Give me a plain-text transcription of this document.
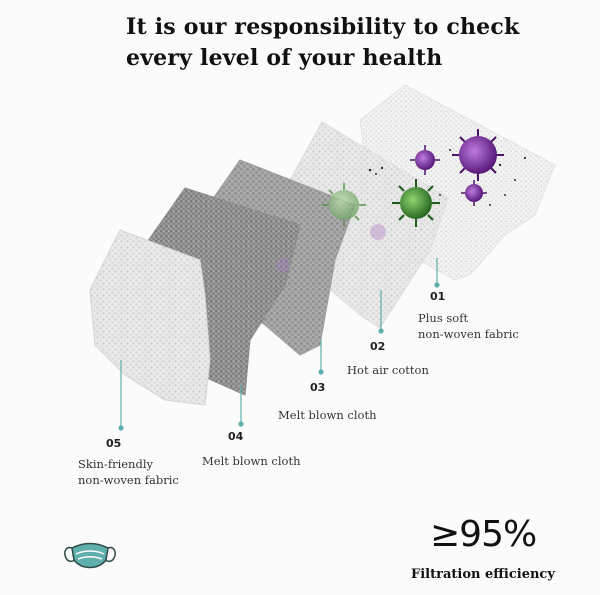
It is our responsibility to check
every level of your health
01
Plus soft
non-woven fabric
02
Hot air cotton
03
Melt blown cloth
04
Melt blown cloth
05
Skin-friendly
non-woven fabric
≥95%
Filtration efficiency
